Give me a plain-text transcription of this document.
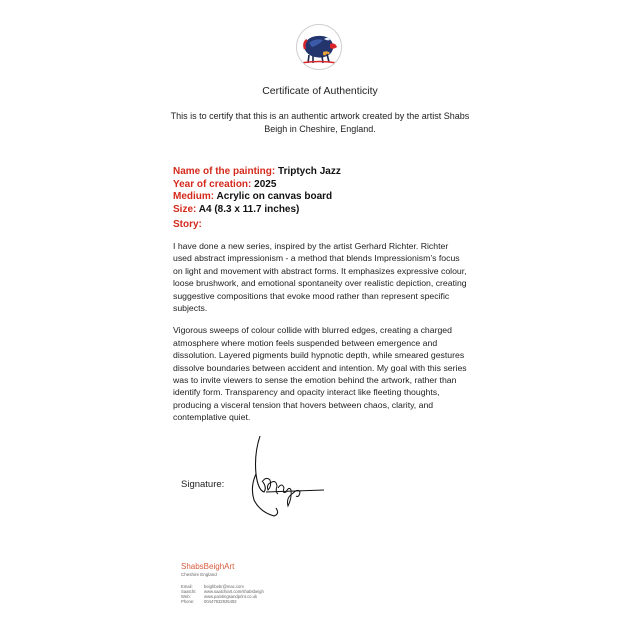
Certificate of Authenticity
This is to certify that this is an authentic artwork created by the artist Shabs Beigh in Cheshire, England.
Name of the painting: Triptych Jazz
Year of creation: 2025
Medium: Acrylic on canvas board
Size: A4 (8.3 x 11.7 inches)
Story:

I have done a new series, inspired by the artist Gerhard Richter. Richter used abstract impressionism - a method that blends Impressionism’s focus on light and movement with abstract forms. It emphasizes expressive colour, loose brushwork, and emotional spontaneity over realistic depiction, creating suggestive compositions that evoke mood rather than represent specific subjects.

Vigorous sweeps of colour collide with blurred edges, creating a charged atmosphere where motion feels suspended between emergence and dissolution. Layered pigments build hypnotic depth, while smeared gestures dissolve boundaries between accident and intention. My goal with this series was to invite viewers to sense the emotion behind the artwork, rather than identify form. Transparency and opacity interact like fleeting thoughts, producing a visceral tension that hovers between chaos, clarity, and contemplative quiet.

Signature:
ShabsBeighArt
Cheshire England
Email:	beighbebr@mac.com
Saatchi:	www.saatchiart.com/shabsbeigh
Web:	www.paintingsandprint.co.uk
Phone:	00447932925492
